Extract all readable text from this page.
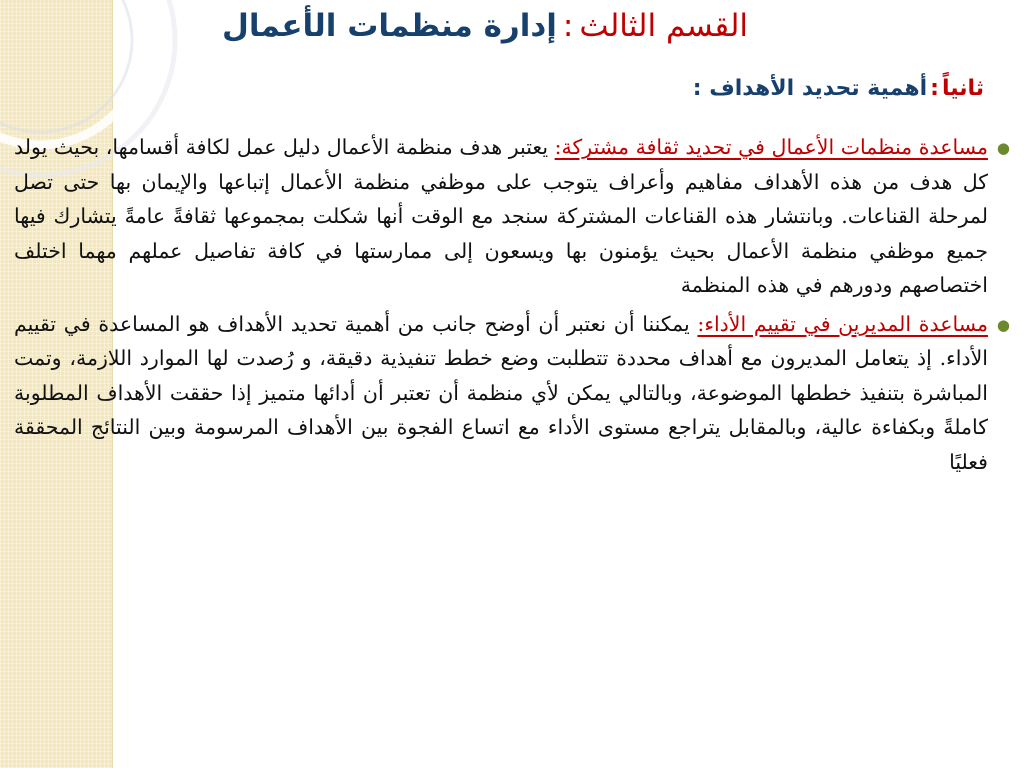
القسم الثالث:إدارة منظمات الأعمال
ثانياً:أهمية تحديد الأهداف :

●
مساعدة منظمات الأعمال في تحديد ثقافة مشتركة: يعتبر هدف منظمة الأعمال دليل عمل لكافة أقسامها، بحيث يولد كل هدف من هذه الأهداف مفاهيم وأعراف يتوجب على موظفي منظمة الأعمال إتباعها والإيمان بها حتى تصل لمرحلة القناعات. وبانتشار هذه القناعات المشتركة سنجد مع الوقت أنها شكلت بمجموعها ثقافةً عامةً يتشارك فيها جميع موظفي منظمة الأعمال بحيث يؤمنون بها ويسعون إلى ممارستها في كافة تفاصيل عملهم مهما اختلف اختصاصهم ودورهم في هذه المنظمة

●
مساعدة المديرين في تقييم الأداء: يمكننا أن نعتبر أن أوضح جانب من أهمية تحديد الأهداف هو المساعدة في تقييم الأداء. إذ يتعامل المديرون مع أهداف محددة تتطلبت وضع خطط تنفيذية دقيقة، و رُصدت لها الموارد اللازمة، وتمت المباشرة بتنفيذ خططها الموضوعة، وبالتالي يمكن لأي منظمة أن تعتبر أن أدائها متميز إذا حققت الأهداف المطلوبة كاملةً وبكفاءة عالية، وبالمقابل يتراجع مستوى الأداء مع اتساع الفجوة بين الأهداف المرسومة وبين النتائج المحققة فعليًا
